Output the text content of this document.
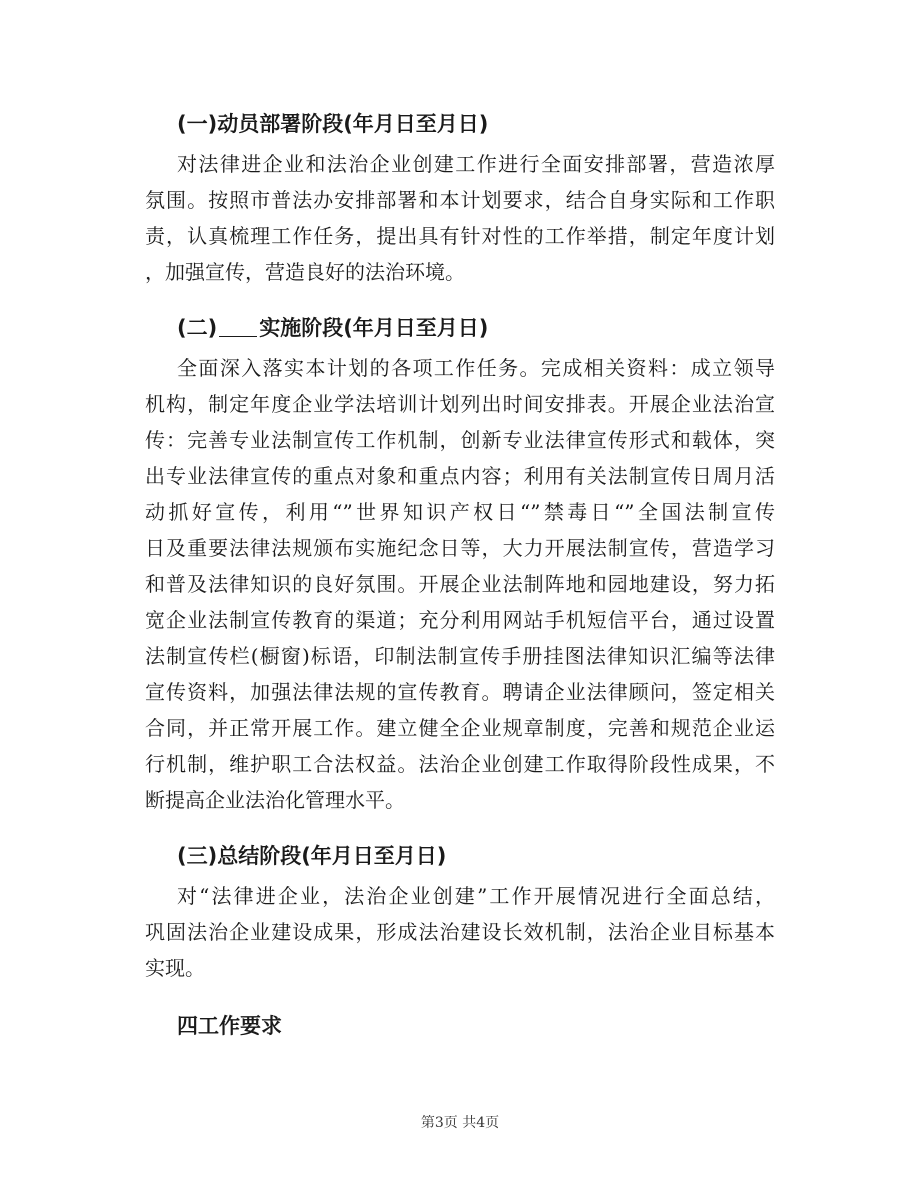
(一)动员部署阶段(年月日至月日)
对法律进企业和法治企业创建工作进行全面安排部署，营造浓厚
氛围。按照市普法办安排部署和本计划要求，结合自身实际和工作职
责，认真梳理工作任务，提出具有针对性的工作举措，制定年度计划
，加强宣传，营造良好的法治环境。
(二) 实施阶段(年月日至月日)
全面深入落实本计划的各项工作任务。完成相关资料：成立领导
机构，制定年度企业学法培训计划列出时间安排表。开展企业法治宣
传：完善专业法制宣传工作机制，创新专业法律宣传形式和载体，突
出专业法律宣传的重点对象和重点内容；利用有关法制宣传日周月活
动抓好宣传，利用“”世界知识产权日“”禁毒日“”全国法制宣传
日及重要法律法规颁布实施纪念日等，大力开展法制宣传，营造学习
和普及法律知识的良好氛围。开展企业法制阵地和园地建设，努力拓
宽企业法制宣传教育的渠道；充分利用网站手机短信平台，通过设置
法制宣传栏(橱窗)标语，印制法制宣传手册挂图法律知识汇编等法律
宣传资料，加强法律法规的宣传教育。聘请企业法律顾问，签定相关
合同，并正常开展工作。建立健全企业规章制度，完善和规范企业运
行机制，维护职工合法权益。法治企业创建工作取得阶段性成果，不
断提高企业法治化管理水平。
(三)总结阶段(年月日至月日)
对“法律进企业，法治企业创建”工作开展情况进行全面总结，
巩固法治企业建设成果，形成法治建设长效机制，法治企业目标基本
实现。
四工作要求
第3页 共4页
